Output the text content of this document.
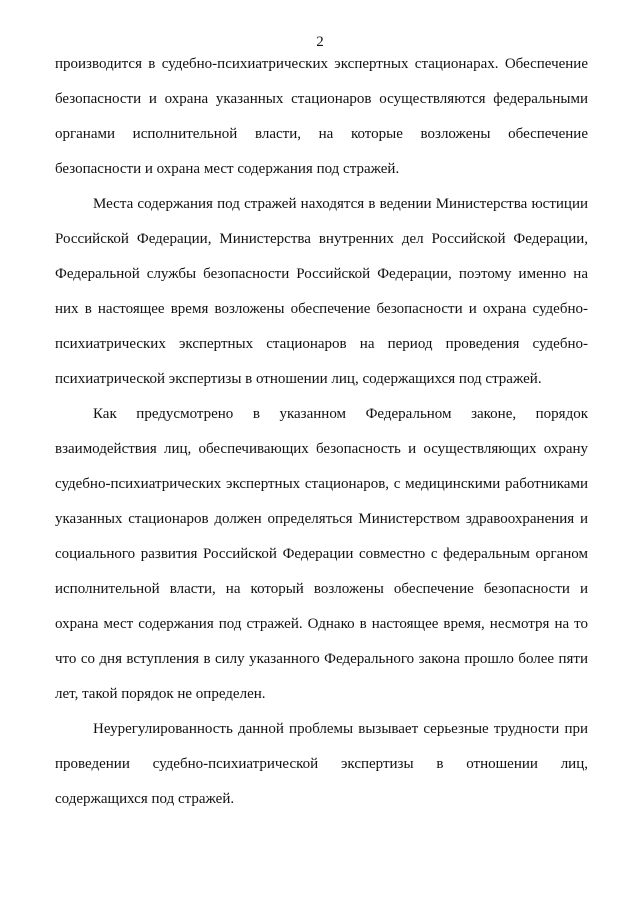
2
производится в судебно-психиатрических экспертных стационарах. Обеспечение
безопасности и охрана указанных стационаров осуществляются федеральными
органами исполнительной власти, на которые возложены обеспечение
безопасности и охрана мест содержания под стражей.
Места содержания под стражей находятся в ведении Министерства юстиции
Российской Федерации, Министерства внутренних дел Российской Федерации,
Федеральной службы безопасности Российской Федерации, поэтому именно на
них в настоящее время возложены обеспечение безопасности и охрана судебно-
психиатрических экспертных стационаров на период проведения судебно-
психиатрической экспертизы в отношении лиц, содержащихся под стражей.
Как предусмотрено в указанном Федеральном законе, порядок
взаимодействия лиц, обеспечивающих безопасность и осуществляющих охрану
судебно-психиатрических экспертных стационаров, с медицинскими работниками
указанных стационаров должен определяться Министерством здравоохранения и
социального развития Российской Федерации совместно с федеральным органом
исполнительной власти, на который возложены обеспечение безопасности и
охрана мест содержания под стражей. Однако в настоящее время, несмотря на то
что со дня вступления в силу указанного Федерального закона прошло более пяти
лет, такой порядок не определен.
Неурегулированность данной проблемы вызывает серьезные трудности при
проведении судебно-психиатрической экспертизы в отношении лиц,
содержащихся под стражей.
